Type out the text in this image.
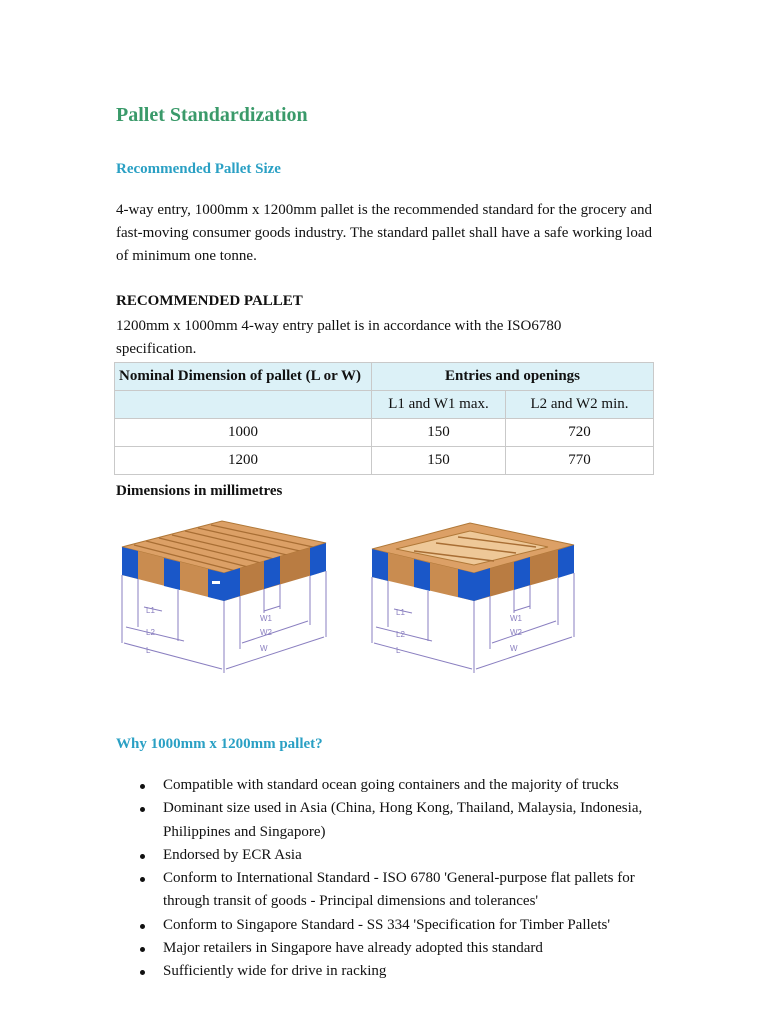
Pallet Standardization
Recommended Pallet Size
4-way entry, 1000mm x 1200mm pallet is the recommended standard for the grocery and fast-moving consumer goods industry. The standard pallet shall have a safe working load of minimum one tonne.
RECOMMENDED PALLET
1200mm x 1000mm 4-way entry pallet is in accordance with the ISO6780 specification.
Nominal Dimension of pallet (L or W)	Entries and openings	
	L1 and W1 max.	L2 and W2 min.
1000	150	720
1200	150	770
Dimensions in millimetres
L1
L2
L
W1
W2
W
L1
L2
L
W1
W2
W
Why 1000mm x 1200mm pallet?
Compatible with standard ocean going containers and the majority of trucks
Dominant size used in Asia (China, Hong Kong, Thailand, Malaysia, Indonesia, Philippines and Singapore)
Endorsed by ECR Asia
Conform to International Standard - ISO 6780 'General-purpose flat pallets for through transit of goods - Principal dimensions and tolerances'
Conform to Singapore Standard - SS 334 'Specification for Timber Pallets'
Major retailers in Singapore have already adopted this standard
Sufficiently wide for drive in racking
